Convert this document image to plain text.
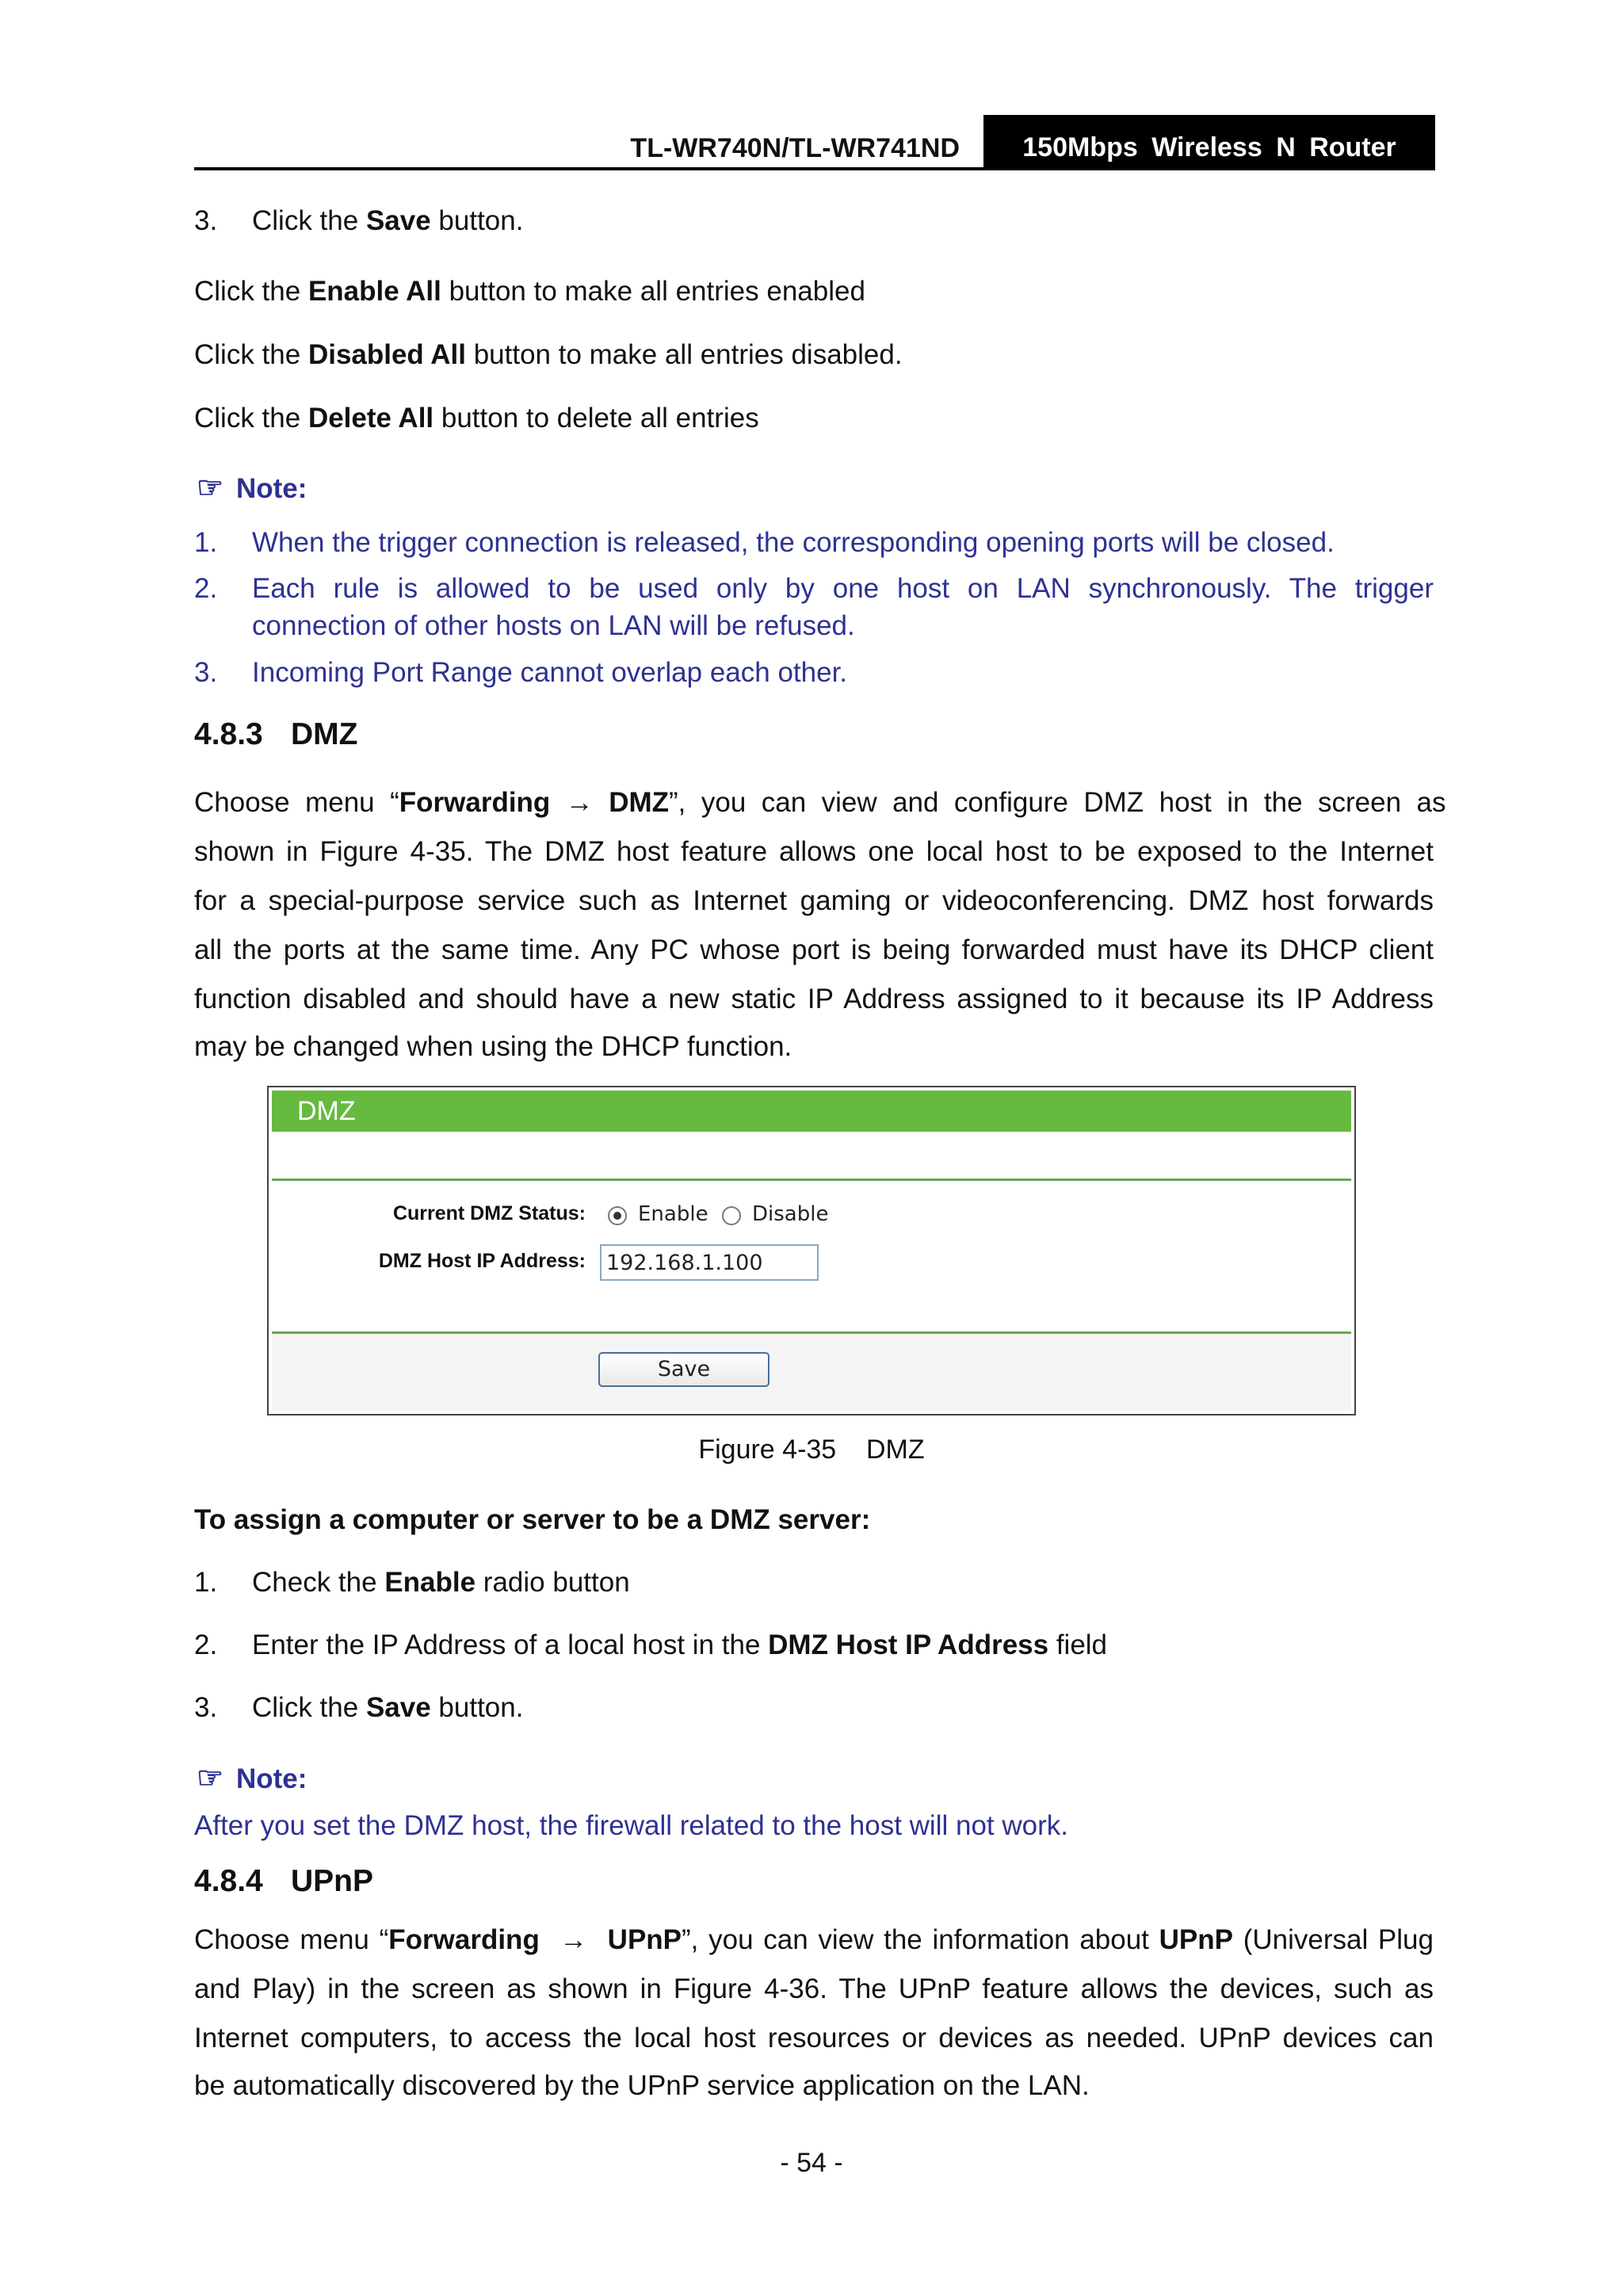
TL-WR740N/TL-WR741ND	150Mbps Wireless N Router
3. Click the Save button.
Click the Enable All button to make all entries enabled
Click the Disabled All button to make all entries disabled.
Click the Delete All button to delete all entries
☞ Note:
1. When the trigger connection is released, the corresponding opening ports will be closed.
2. Each  rule  is  allowed  to  be  used  only  by  one  host  on  LAN  synchronously.  The  trigger
connection of other hosts on LAN will be refused.
3. Incoming Port Range cannot overlap each other.
4.8.3 DMZ
Choose  menu  “Forwarding  →  DMZ”,  you  can  view  and  configure  DMZ  host  in  the  screen  as
shown in Figure 4-35. The DMZ host feature allows one local host to be exposed to the Internet
for a special-purpose service such as Internet gaming or videoconferencing. DMZ host forwards
all the ports at the same time. Any PC whose port is being forwarded must have its DHCP client
function disabled and should have a new static IP Address assigned to it because its IP Address
may be changed when using the DHCP function.
DMZ
Current DMZ Status:	Enable Disable
DMZ Host IP Address: 192.168.1.100
Save
Figure 4-35    DMZ
To assign a computer or server to be a DMZ server:
1. Check the Enable radio button
2. Enter the IP Address of a local host in the DMZ Host IP Address field
3. Click the Save button.
☞ Note:
After you set the DMZ host, the firewall related to the host will not work.
4.8.4 UPnP
Choose menu “Forwarding  →  UPnP”, you can view the information about UPnP (Universal Plug
and Play) in the screen as shown in Figure 4-36. The UPnP feature allows the devices, such as
Internet computers, to access the local host resources or devices as needed. UPnP devices can
be automatically discovered by the UPnP service application on the LAN.
- 54 -
